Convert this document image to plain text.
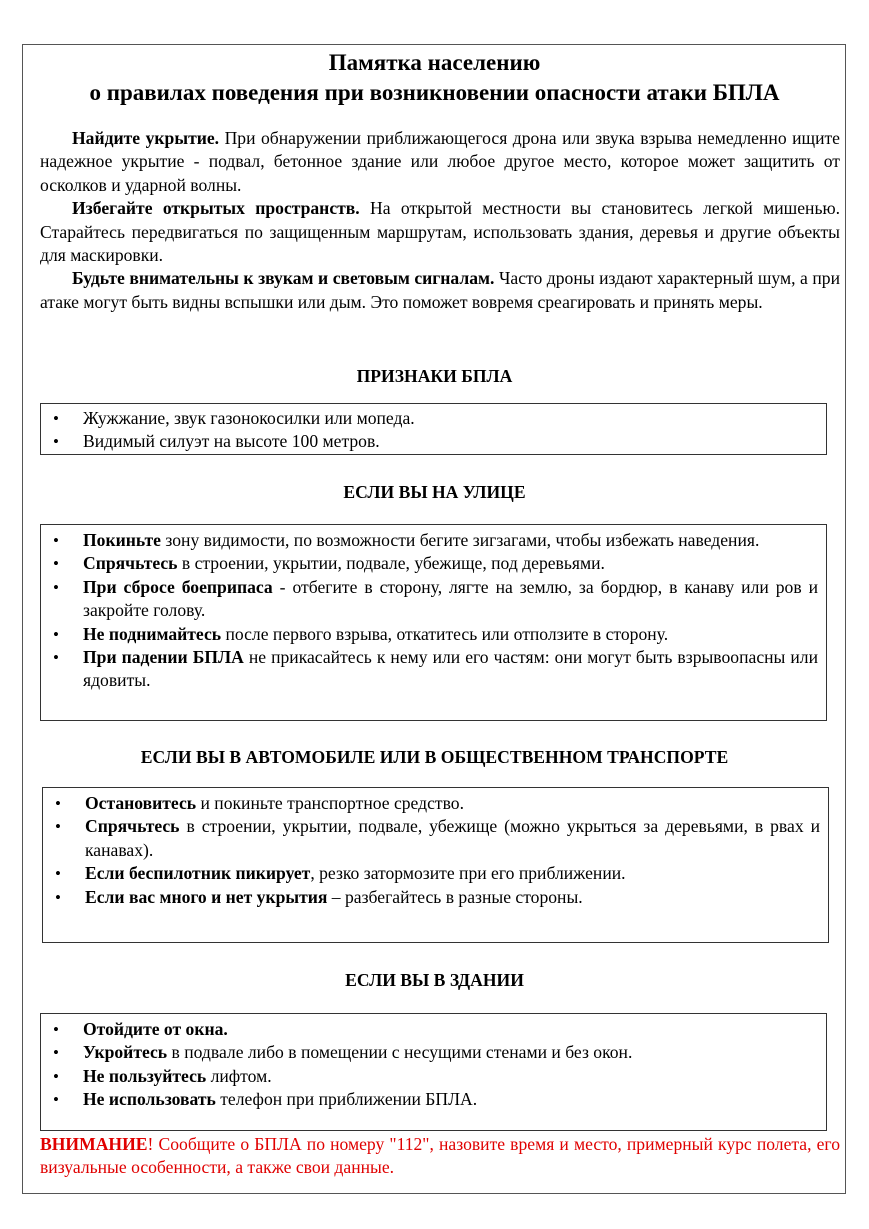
Памятка населению
о правилах поведения при возникновении опасности атаки БПЛА

Найдите укрытие. При обнаружении приближающегося дрона или звука взрыва немедленно ищите надежное укрытие - подвал, бетонное здание или любое другое место, которое может защитить от осколков и ударной волны.

Избегайте открытых пространств. На открытой местности вы становитесь легкой мишенью. Старайтесь передвигаться по защищенным маршрутам, использовать здания, деревья и другие объекты для маскировки.

Будьте внимательны к звукам и световым сигналам. Часто дроны издают характерный шум, а при атаке могут быть видны вспышки или дым. Это поможет вовремя среагировать и принять меры.

ПРИЗНАКИ БПЛА
• Жужжание, звук газонокосилки или мопеда.
• Видимый силуэт на высоте 100 метров.
ЕСЛИ ВЫ НА УЛИЦЕ
• Покиньте зону видимости, по возможности бегите зигзагами, чтобы избежать наведения.
• Спрячьтесь в строении, укрытии, подвале, убежище, под деревьями.
• При сбросе боеприпаса - отбегите в сторону, лягте на землю, за бордюр, в канаву или ров и закройте голову.
• Не поднимайтесь после первого взрыва, откатитесь или отползите в сторону.
• При падении БПЛА не прикасайтесь к нему или его частям: они могут быть взрывоопасны или ядовиты.
ЕСЛИ ВЫ В АВТОМОБИЛЕ ИЛИ В ОБЩЕСТВЕННОМ ТРАНСПОРТЕ
• Остановитесь и покиньте транспортное средство.
• Спрячьтесь в строении, укрытии, подвале, убежище (можно укрыться за деревьями, в рвах и канавах).
• Если беспилотник пикирует, резко затормозите при его приближении.
• Если вас много и нет укрытия – разбегайтесь в разные стороны.
ЕСЛИ ВЫ В ЗДАНИИ
• Отойдите от окна.
• Укройтесь в подвале либо в помещении с несущими стенами и без окон.
• Не пользуйтесь лифтом.
• Не использовать телефон при приближении БПЛА.
ВНИМАНИЕ! Сообщите о БПЛА по номеру "112", назовите время и место, примерный курс полета, его визуальные особенности, а также свои данные.
